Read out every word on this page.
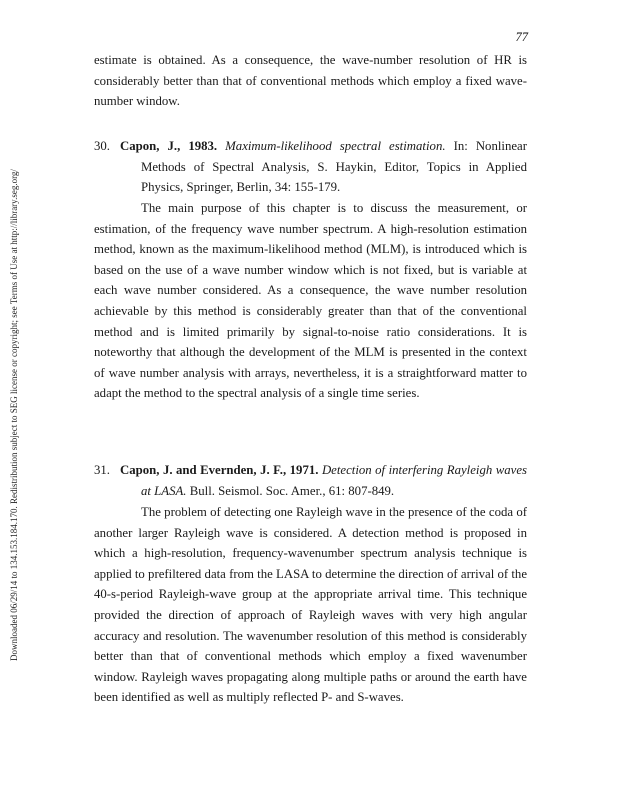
Downloaded 06/29/14 to 134.153.184.170. Redistribution subject to SEG license or copyright; see Terms of Use at http://library.seg.org/
77

estimate is obtained. As a consequence, the wave-number resolution of HR is considerably better than that of conventional methods which employ a fixed wave-number window.

30. Capon, J., 1983. Maximum-likelihood spectral estimation. In: Nonlinear Methods of Spectral Analysis, S. Haykin, Editor, Topics in Applied Physics, Springer, Berlin, 34: 155-179.

The main purpose of this chapter is to discuss the measurement, or estimation, of the frequency wave number spectrum. A high-resolution estimation method, known as the maximum-likelihood method (MLM), is introduced which is based on the use of a wave number window which is not fixed, but is variable at each wave number considered. As a consequence, the wave number resolution achievable by this method is considerably greater than that of the conventional method and is limited primarily by signal-to-noise ratio considerations. It is noteworthy that although the development of the MLM is presented in the context of wave number analysis with arrays, nevertheless, it is a straightforward matter to adapt the method to the spectral analysis of a single time series.

31. Capon, J. and Evernden, J. F., 1971. Detection of interfering Rayleigh waves at LASA. Bull. Seismol. Soc. Amer., 61: 807-849.

The problem of detecting one Rayleigh wave in the presence of the coda of another larger Rayleigh wave is considered. A detection method is proposed in which a high-resolution, frequency-wavenumber spectrum analysis technique is applied to prefiltered data from the LASA to determine the direction of arrival of the 40-s-period Rayleigh-wave group at the appropriate arrival time. This technique provided the direction of approach of Rayleigh waves with very high angular accuracy and resolution. The wavenumber resolution of this method is considerably better than that of conventional methods which employ a fixed wavenumber window. Rayleigh waves propagating along multiple paths or around the earth have been identified as well as multiply reflected P- and S-waves.
